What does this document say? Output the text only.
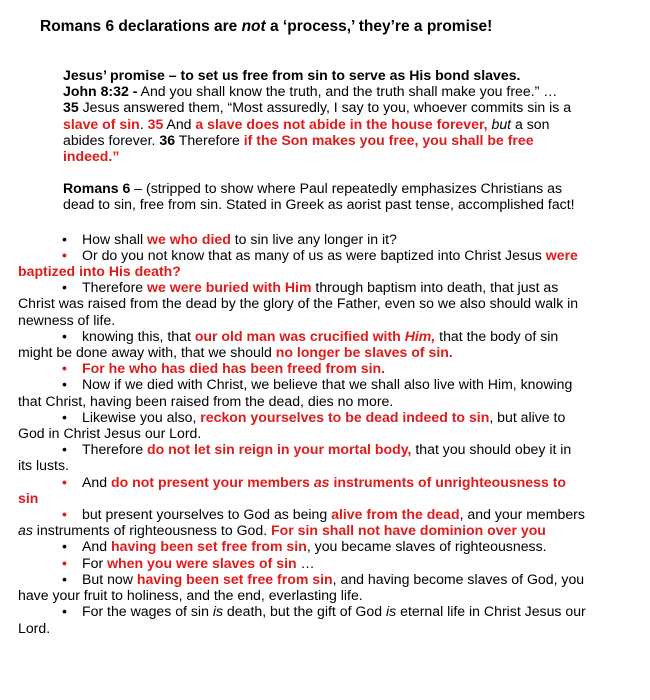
Romans 6 declarations are not a ‘process,’ they’re a promise!
Jesus’ promise – to set us free from sin to serve as His bond slaves.
John 8:32 - And you shall know the truth, and the truth shall make you free.” …
35 Jesus answered them, “Most assuredly, I say to you, whoever commits sin is a
slave of sin. 35 And a slave does not abide in the house forever, but a son
abides forever. 36 Therefore if the Son makes you free, you shall be free
indeed.”
Romans 6 – (stripped to show where Paul repeatedly emphasizes Christians as
dead to sin, free from sin. Stated in Greek as aorist past tense, accomplished fact!
• How shall we who died to sin live any longer in it?
• Or do you not know that as many of us as were baptized into Christ Jesus were
baptized into His death?
• Therefore we were buried with Him through baptism into death, that just as
Christ was raised from the dead by the glory of the Father, even so we also should walk in
newness of life.
• knowing this, that our old man was crucified with Him, that the body of sin
might be done away with, that we should no longer be slaves of sin.
• For he who has died has been freed from sin.
• Now if we died with Christ, we believe that we shall also live with Him, knowing
that Christ, having been raised from the dead, dies no more.
• Likewise you also, reckon yourselves to be dead indeed to sin, but alive to
God in Christ Jesus our Lord.
• Therefore do not let sin reign in your mortal body, that you should obey it in
its lusts.
• And do not present your members as instruments of unrighteousness to
sin
• but present yourselves to God as being alive from the dead, and your members
as instruments of righteousness to God. For sin shall not have dominion over you
• And having been set free from sin, you became slaves of righteousness.
• For when you were slaves of sin …
• But now having been set free from sin, and having become slaves of God, you
have your fruit to holiness, and the end, everlasting life.
• For the wages of sin is death, but the gift of God is eternal life in Christ Jesus our
Lord.
